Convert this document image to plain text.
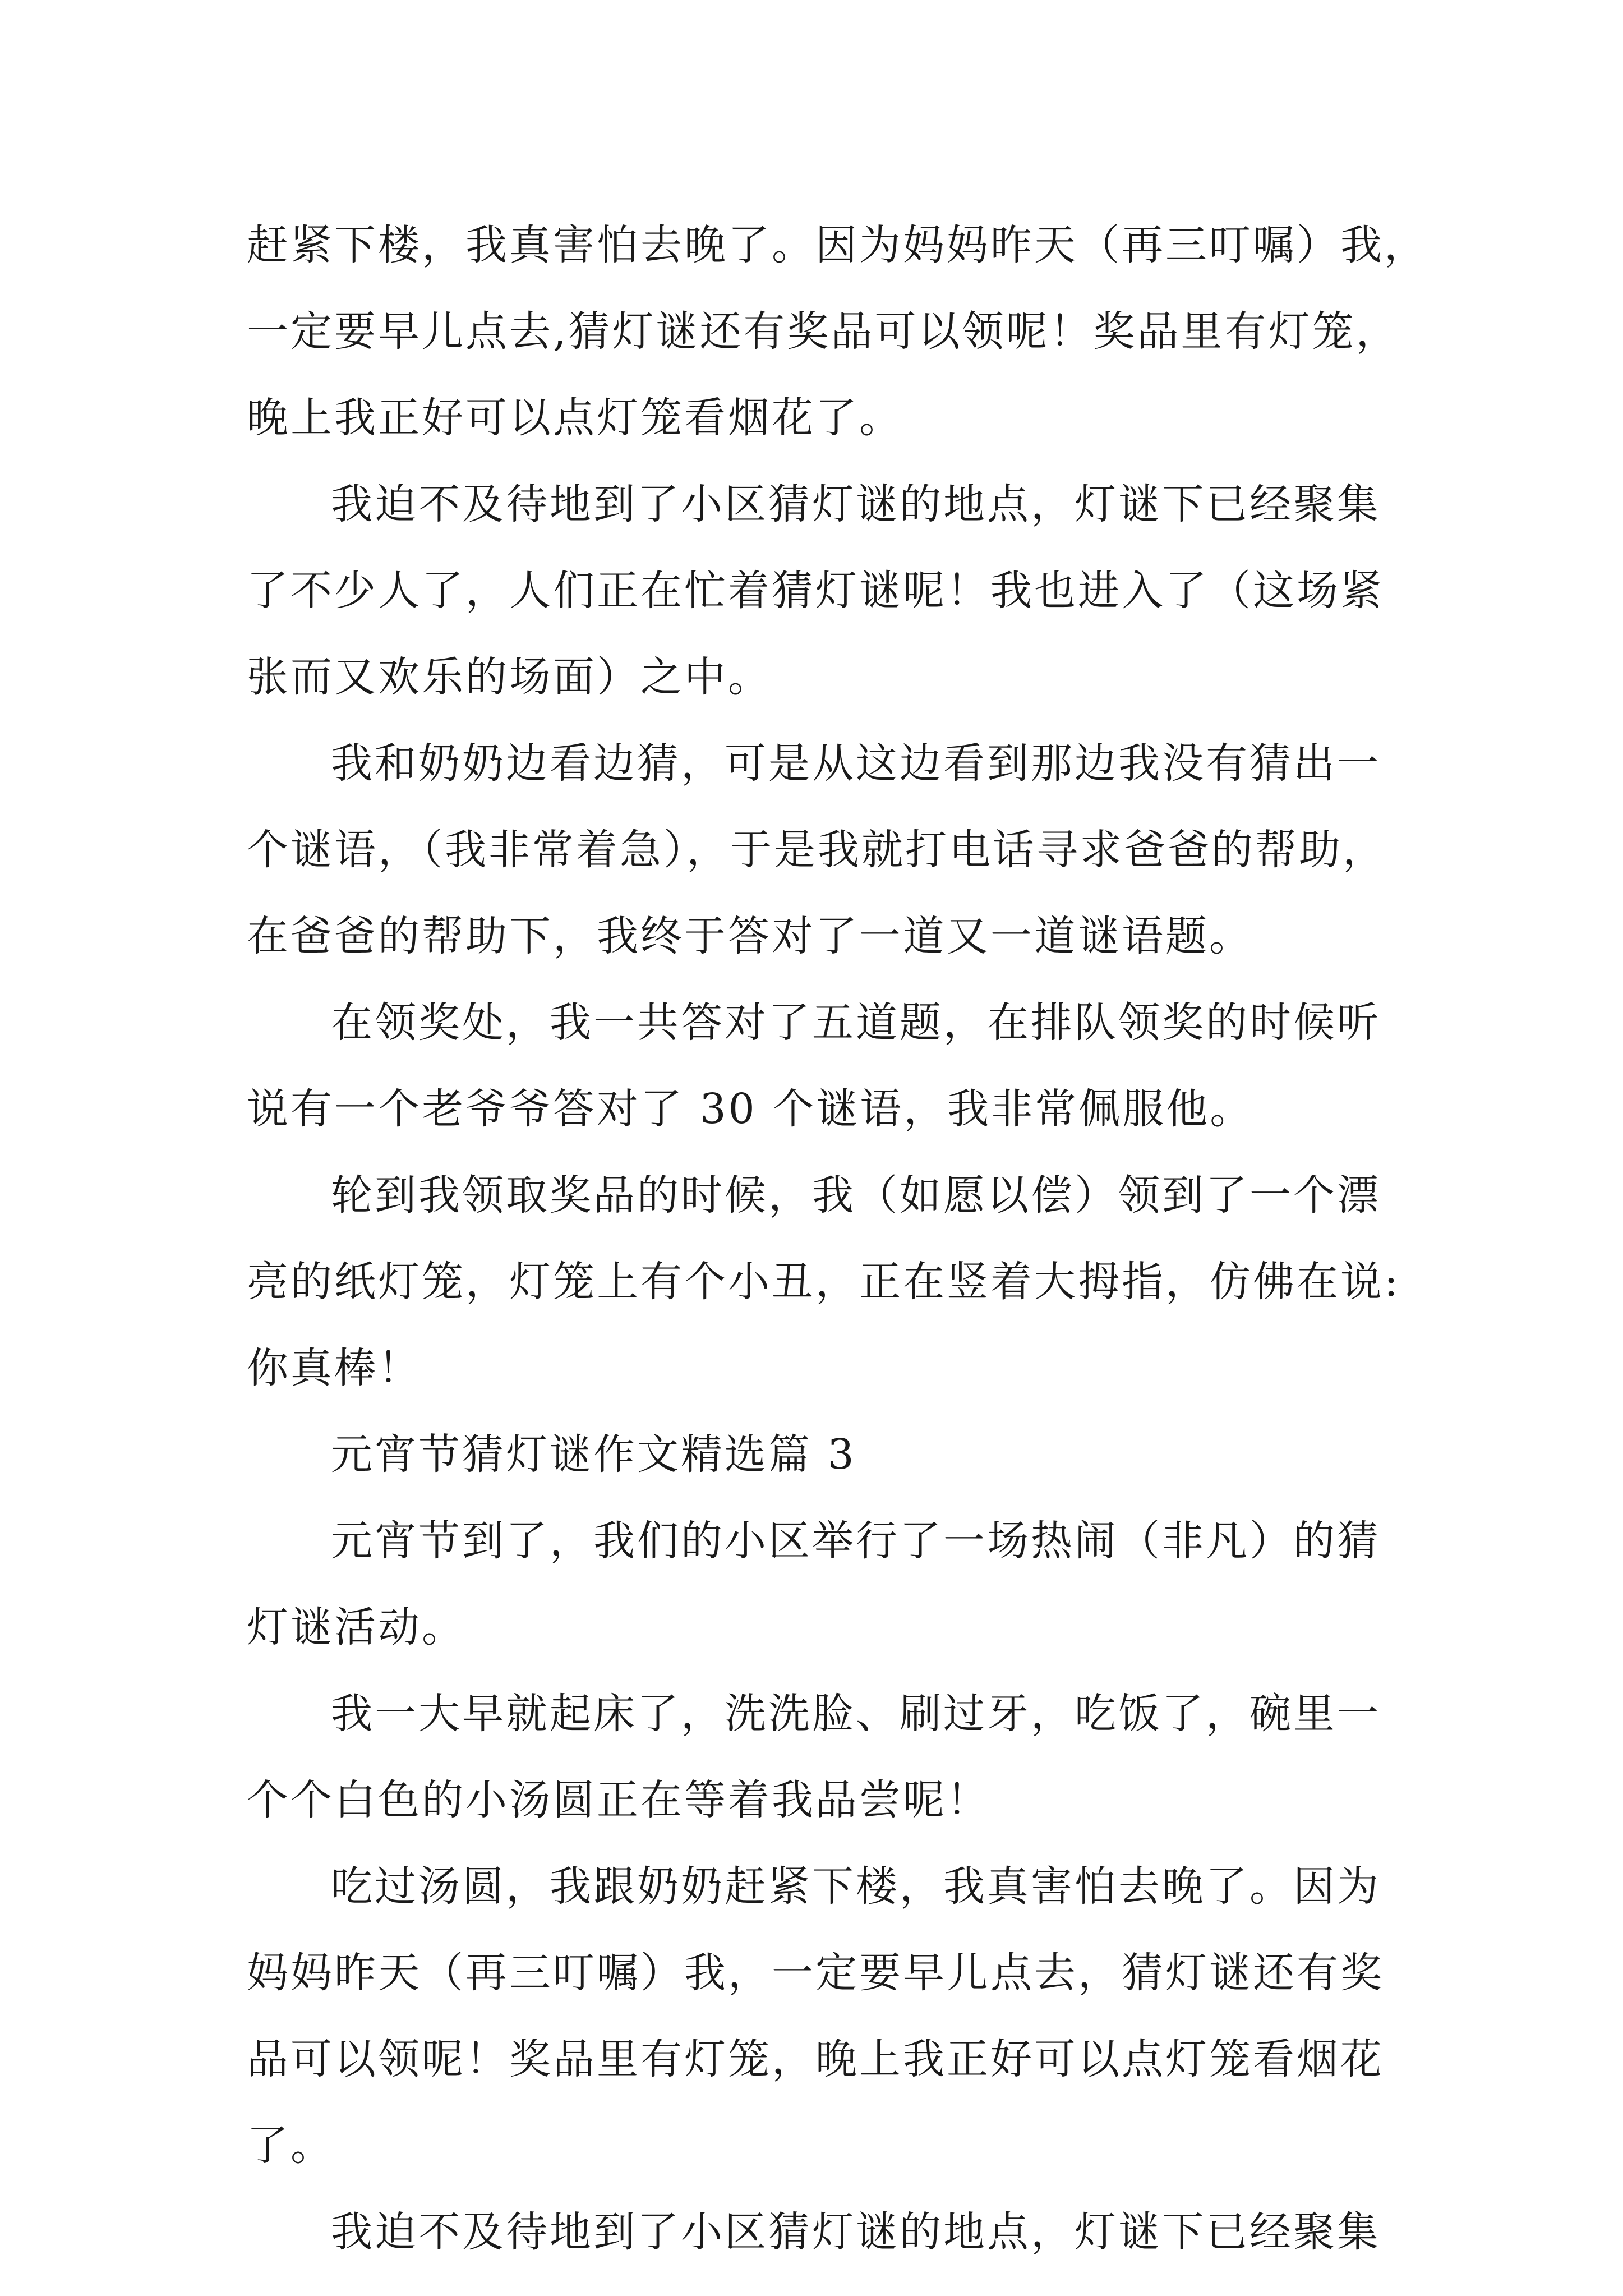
赶紧下楼，我真害怕去晚了。因为妈妈昨天（再三叮嘱）我，
一定要早儿点去,猜灯谜还有奖品可以领呢！奖品里有灯笼，
晚上我正好可以点灯笼看烟花了。
我迫不及待地到了小区猜灯谜的地点，灯谜下已经聚集
了不少人了，人们正在忙着猜灯谜呢！我也进入了（这场紧
张而又欢乐的场面）之中。
我和奶奶边看边猜，可是从这边看到那边我没有猜出一
个谜语，（我非常着急），于是我就打电话寻求爸爸的帮助，
在爸爸的帮助下，我终于答对了一道又一道谜语题。
在领奖处，我一共答对了五道题，在排队领奖的时候听
说有一个老爷爷答对了 30 个谜语，我非常佩服他。
轮到我领取奖品的时候，我（如愿以偿）领到了一个漂
亮的纸灯笼，灯笼上有个小丑，正在竖着大拇指，仿佛在说:
你真棒！
元宵节猜灯谜作文精选篇 3
元宵节到了，我们的小区举行了一场热闹（非凡）的猜
灯谜活动。
我一大早就起床了，洗洗脸、刷过牙，吃饭了，碗里一
个个白色的小汤圆正在等着我品尝呢！
吃过汤圆，我跟奶奶赶紧下楼，我真害怕去晚了。因为
妈妈昨天（再三叮嘱）我，一定要早儿点去，猜灯谜还有奖
品可以领呢！奖品里有灯笼，晚上我正好可以点灯笼看烟花
了。
我迫不及待地到了小区猜灯谜的地点，灯谜下已经聚集
